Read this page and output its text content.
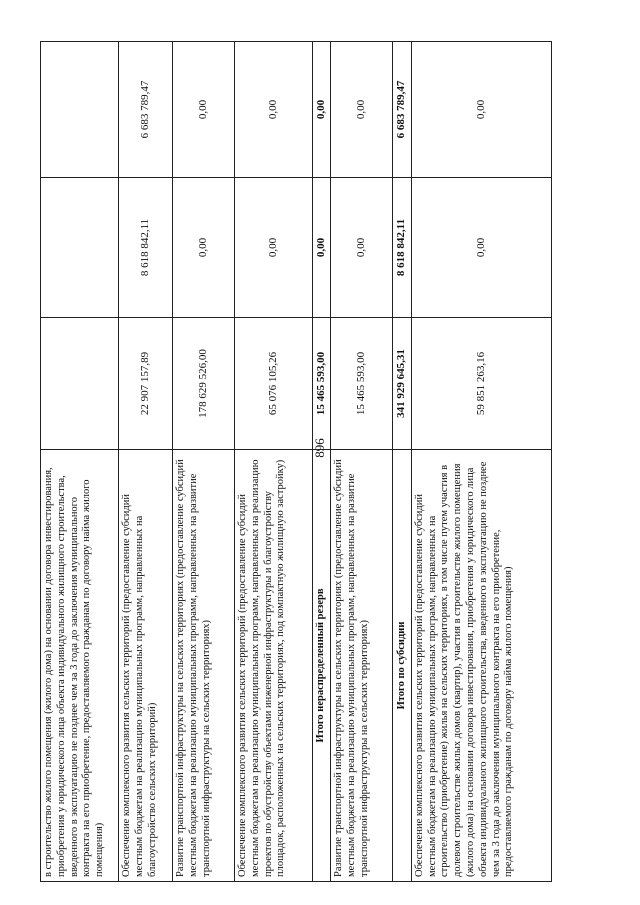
896
в строительство жилого помещения (жилого дома) на основании договора инвестирования, приобретения у юридического лица объекта индивидуального жилищного строительства, введенного в эксплуатацию не позднее чем за 3 года до заключения муниципального контракта на его приобретение, предоставляемого гражданам по договору найма жилого помещения)			
Обеспечение комплексного развития сельских территорий (предоставление субсидий местным бюджетам на реализацию муниципальных программ, направленных на благоустройство сельских территорий)	22 907 157,89	8 618 842,11	6 683 789,47
Развитие транспортной инфраструктуры на сельских территориях (предоставление субсидий местным бюджетам на реализацию муниципальных программ, направленных на развитие транспортной инфраструктуры на сельских территориях)	178 629 526,00	0,00	0,00
Обеспечение комплексного развития сельских территорий (предоставление субсидий местным бюджетам на реализацию муниципальных программ, направленных на реализацию проектов по обустройству объектами инженерной инфраструктуры и благоустройству площадок, расположенных на сельских территориях, под компактную жилищную застройку)	65 076 105,26	0,00	0,00
Итого нераспределенный резерв	15 465 593,00	0,00	0,00
Развитие транспортной инфраструктуры на сельских территориях (предоставление субсидий местным бюджетам на реализацию муниципальных программ, направленных на развитие транспортной инфраструктуры на сельских территориях)	15 465 593,00	0,00	0,00
Итого по субсидии	341 929 645,31	8 618 842,11	6 683 789,47
Обеспечение комплексного развития сельских территорий (предоставление субсидий местным бюджетам на реализацию муниципальных программ, направленных на строительство (приобретение) жилья на сельских территориях, в том числе путем участия в долевом строительстве жилых домов (квартир), участия в строительстве жилого помещения (жилого дома) на основании договора инвестирования, приобретения у юридического лица объекта индивидуального жилищного строительства, введенного в эксплуатацию не позднее чем за 3 года до заключения муниципального контракта на его приобретение, предоставляемого гражданам по договору найма жилого помещения)	59 851 263,16	0,00	0,00
